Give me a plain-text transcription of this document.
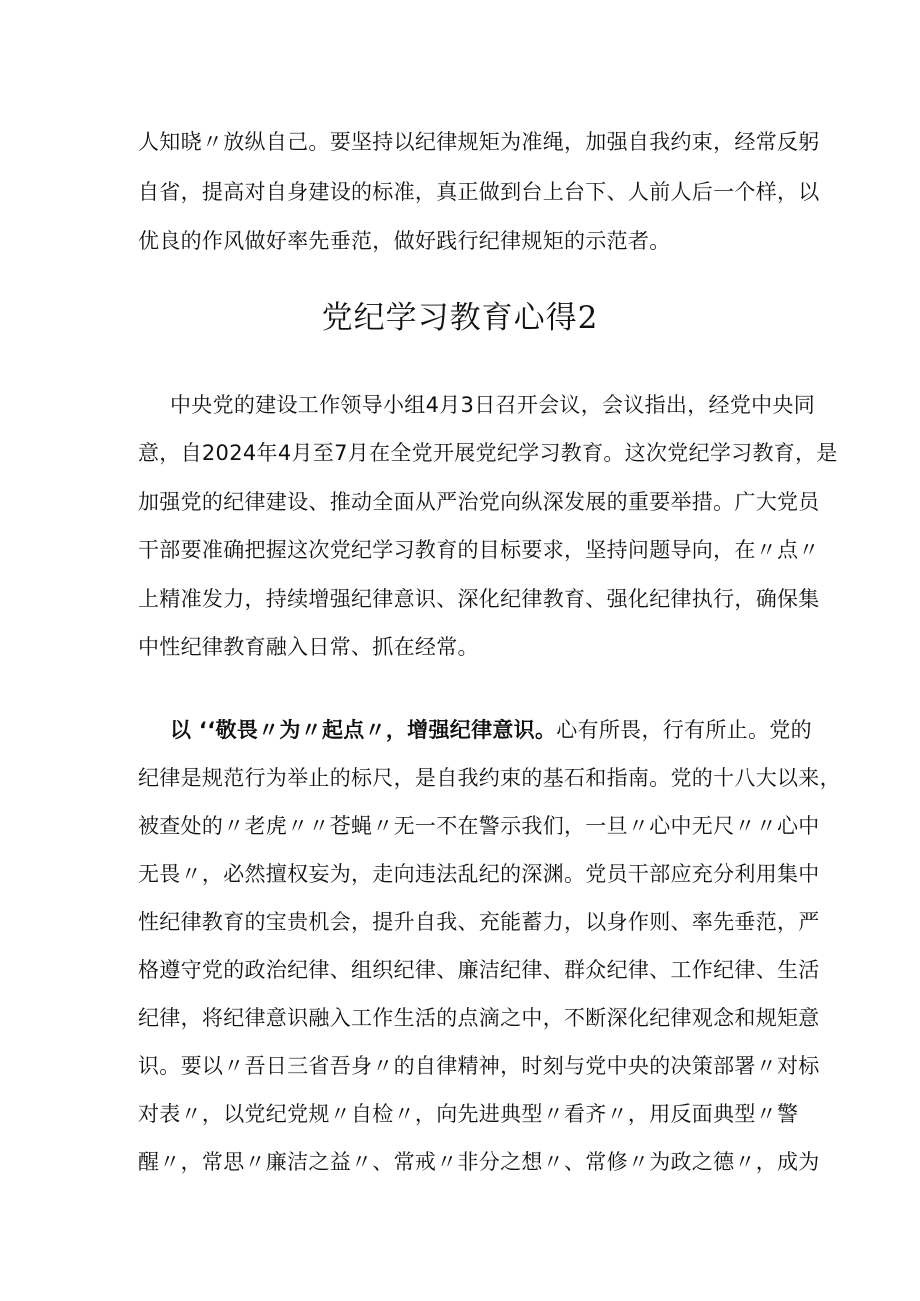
人知晓〃放纵自己。要坚持以纪律规矩为准绳，加强自我约束，经常反躬
自省，提高对自身建设的标准，真正做到台上台下、人前人后一个样，以
优良的作风做好率先垂范，做好践行纪律规矩的示范者。
党纪学习教育心得2
中央党的建设工作领导小组4月3日召开会议，会议指出，经党中央同
意，自2024年4月至7月在全党开展党纪学习教育。这次党纪学习教育，是
加强党的纪律建设、推动全面从严治党向纵深发展的重要举措。广大党员
干部要准确把握这次党纪学习教育的目标要求，坚持问题导向，在〃点〃
上精准发力，持续增强纪律意识、深化纪律教育、强化纪律执行，确保集
中性纪律教育融入日常、抓在经常。
以 ‘‘敬畏〃为〃起点〃，增强纪律意识。心有所畏，行有所止。党的
纪律是规范行为举止的标尺，是自我约束的基石和指南。党的十八大以来，
被查处的〃老虎〃〃苍蝇〃无一不在警示我们，一旦〃心中无尺〃〃心中
无畏〃，必然擅权妄为，走向违法乱纪的深渊。党员干部应充分利用集中
性纪律教育的宝贵机会，提升自我、充能蓄力，以身作则、率先垂范，严
格遵守党的政治纪律、组织纪律、廉洁纪律、群众纪律、工作纪律、生活
纪律，将纪律意识融入工作生活的点滴之中，不断深化纪律观念和规矩意
识。要以〃吾日三省吾身〃的自律精神，时刻与党中央的决策部署〃对标
对表〃，以党纪党规〃自检〃，向先进典型〃看齐〃，用反面典型〃警
醒〃，常思〃廉洁之益〃、常戒〃非分之想〃、常修〃为政之德〃，成为
